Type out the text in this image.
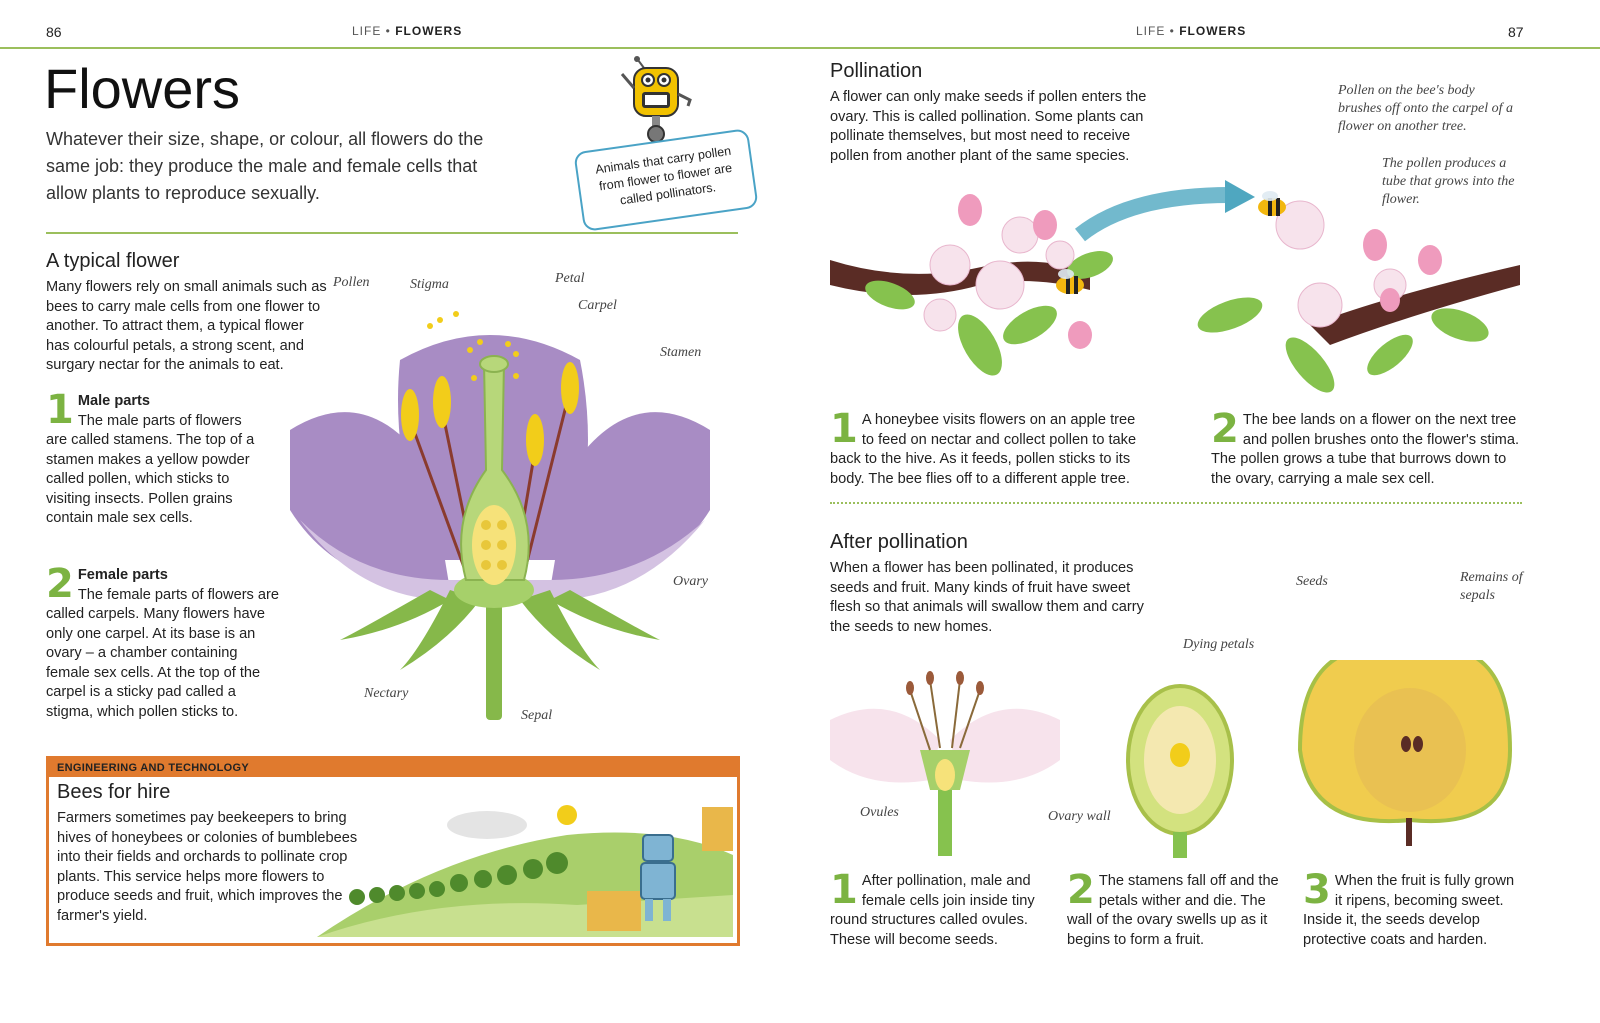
86	LIFE • FLOWERS	LIFE • FLOWERS	87
Flowers
Whatever their size, shape, or colour, all flowers do the same job: they produce the male and female cells that allow plants to reproduce sexually.
Animals that carry pollen from flower to flower are called pollinators.
A typical flower
Many flowers rely on small animals such as bees to carry male cells from one flower to another. To attract them, a typical flower has colourful petals, a strong scent, and surgary nectar for the animals to eat.
1 Male parts
The male parts of flowers are called stamens. The top of a stamen makes a yellow powder called pollen, which sticks to visiting insects. Pollen grains contain male sex cells.
2 Female parts
The female parts of flowers are called carpels. Many flowers have only one carpel. At its base is an ovary – a chamber containing female sex cells. At the top of the carpel is a sticky pad called a stigma, which pollen sticks to.
Pollen	Stigma	Petal
Carpel
Stamen
Ovary
Nectary
Sepal
ENGINEERING AND TECHNOLOGY
Bees for hire
Farmers sometimes pay beekeepers to bring hives of honeybees or colonies of bumblebees into their fields and orchards to pollinate crop plants. This service helps more flowers to produce seeds and fruit, which improves the farmer's yield.
Pollination
A flower can only make seeds if pollen enters the ovary. This is called pollination. Some plants can pollinate themselves, but most need to receive pollen from another plant of the same species.
Pollen on the bee's body brushes off onto the carpel of a flower on another tree.
The pollen produces a tube that grows into the flower.
1 A honeybee visits flowers on an apple tree to feed on nectar and collect pollen to take back to the hive. As it feeds, pollen sticks to its body. The bee flies off to a different apple tree.
2 The bee lands on a flower on the next tree and pollen brushes onto the flower's stima. The pollen grows a tube that burrows down to the ovary, carrying a male sex cell.
After pollination
When a flower has been pollinated, it produces seeds and fruit. Many kinds of fruit have sweet flesh so that animals will swallow them and carry the seeds to new homes.
Dying petals
Seeds	Remains of sepals
Ovules	Ovary wall
1 After pollination, male and female cells join inside tiny round structures called ovules. These will become seeds.
2 The stamens fall off and the petals wither and die. The wall of the ovary swells up as it begins to form a fruit.
3 When the fruit is fully grown it ripens, becoming sweet. Inside it, the seeds develop protective coats and harden.
